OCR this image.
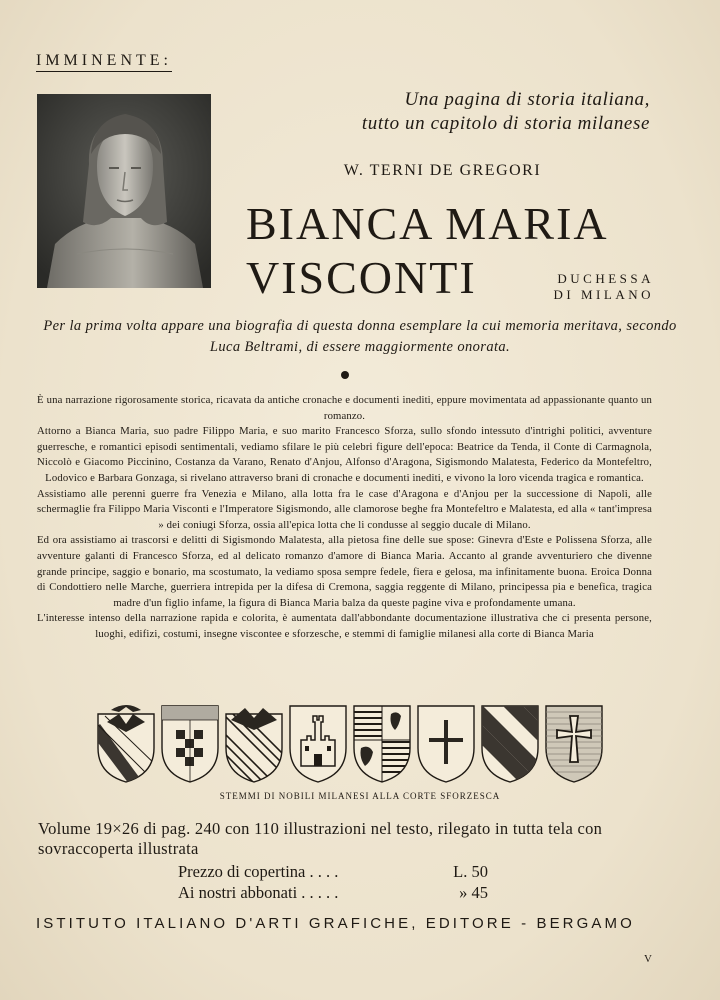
IMMINENTE:
Una pagina di storia italiana,
tutto un capitolo di storia milanese
W. TERNI DE GREGORI
BIANCA MARIA
VISCONTI	DUCHESSA
DI MILANO
Per la prima volta appare una biografia di questa donna esemplare la cui memoria meritava, secondo Luca Beltrami, di essere maggiormente onorata.

È una narrazione rigorosamente storica, ricavata da antiche cronache e documenti inediti, eppure movimentata ad appassionante quanto un romanzo.

Attorno a Bianca Maria, suo padre Filippo Maria, e suo marito Francesco Sforza, sullo sfondo intessuto d'intrighi politici, avventure guerresche, e romantici episodi sentimentali, vediamo sfilare le più celebri figure dell'epoca: Beatrice da Tenda, il Conte di Carmagnola, Niccolò e Giacomo Piccinino, Costanza da Varano, Renato d'Anjou, Alfonso d'Aragona, Sigismondo Malatesta, Federico da Montefeltro, Lodovico e Barbara Gonzaga, si rivelano attraverso brani di cronache e documenti inediti, e vivono la loro vicenda tragica e romantica.

Assistiamo alle perenni guerre fra Venezia e Milano, alla lotta fra le case d'Aragona e d'Anjou per la successione di Napoli, alle schermaglie fra Filippo Maria Visconti e l'Imperatore Sigismondo, alle clamorose beghe fra Montefeltro e Malatesta, ed alla « tant'impresa » dei coniugi Sforza, ossia all'epica lotta che li condusse al seggio ducale di Milano.

Ed ora assistiamo ai trascorsi e delitti di Sigismondo Malatesta, alla pietosa fine delle sue spose: Ginevra d'Este e Polissena Sforza, alle avventure galanti di Francesco Sforza, ed al delicato romanzo d'amore di Bianca Maria. Accanto al grande avventuriero che divenne grande principe, saggio e bonario, ma scostumato, la vediamo sposa sempre fedele, fiera e gelosa, ma infinitamente buona. Eroica Donna di Condottiero nelle Marche, guerriera intrepida per la difesa di Cremona, saggia reggente di Milano, principessa pia e benefica, tragica madre d'un figlio infame, la figura di Bianca Maria balza da queste pagine viva e profondamente umana.

L'interesse intenso della narrazione rapida e colorita, è aumentata dall'abbondante documentazione illustrativa che ci presenta persone, luoghi, edifizi, costumi, insegne viscontee e sforzesche, e stemmi di famiglie milanesi alla corte di Bianca Maria

STEMMI DI NOBILI MILANESI ALLA CORTE SFORZESCA
Volume 19×26 di pag. 240 con 110 illustrazioni nel testo, rilegato in tutta tela con sovraccoperta illustrata
Prezzo di copertina . . . .	L. 50
Ai nostri abbonati . . . . .	» 45
ISTITUTO ITALIANO D'ARTI GRAFICHE, EDITORE - BERGAMO
V
